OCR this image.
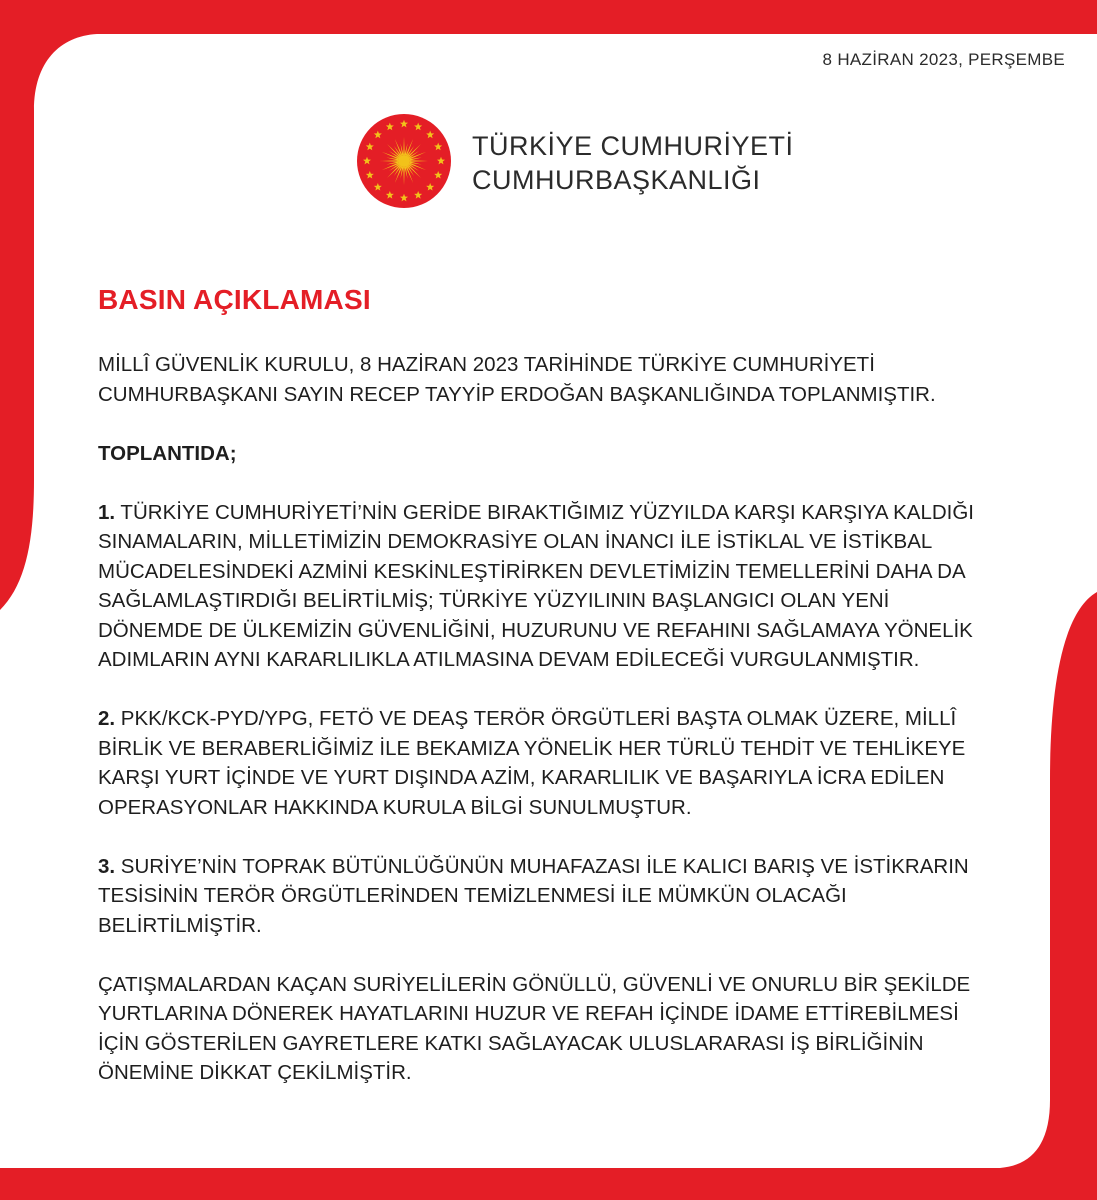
8 HAZİRAN 2023, PERŞEMBE
TÜRKİYE CUMHURİYETİ
CUMHURBAŞKANLIĞI
BASIN AÇIKLAMASI

MİLLÎ GÜVENLİK KURULU, 8 HAZİRAN 2023 TARİHİNDE TÜRKİYE CUMHURİYETİ CUMHURBAŞKANI SAYIN RECEP TAYYİP ERDOĞAN BAŞKANLIĞINDA TOPLANMIŞTIR.

TOPLANTIDA;

1. TÜRKİYE CUMHURİYETİ’NİN GERİDE BIRAKTIĞIMIZ YÜZYILDA KARŞI KARŞIYA KALDIĞI SINAMALARIN, MİLLETİMİZİN DEMOKRASİYE OLAN İNANCI İLE İSTİKLAL VE İSTİKBAL MÜCADELESİNDEKİ AZMİNİ KESKİNLEŞTİRİRKEN DEVLETİMİZİN TEMELLERİNİ DAHA DA SAĞLAMLAŞTIRDIĞI BELİRTİLMİŞ; TÜRKİYE YÜZYILININ BAŞLANGICI OLAN YENİ DÖNEMDE DE ÜLKEMİZİN GÜVENLİĞİNİ, HUZURUNU VE REFAHINI SAĞLAMAYA YÖNELİK ADIMLARIN AYNI KARARLILIKLA ATILMASINA DEVAM EDİLECEĞİ VURGULANMIŞTIR.

2. PKK/KCK-PYD/YPG, FETÖ VE DEAŞ TERÖR ÖRGÜTLERİ BAŞTA OLMAK ÜZERE, MİLLÎ BİRLİK VE BERABERLİĞİMİZ İLE BEKAMIZA YÖNELİK HER TÜRLÜ TEHDİT VE TEHLİKEYE KARŞI YURT İÇİNDE VE YURT DIŞINDA AZİM, KARARLILIK VE BAŞARIYLA İCRA EDİLEN OPERASYONLAR HAKKINDA KURULA BİLGİ SUNULMUŞTUR.

3. SURİYE’NİN TOPRAK BÜTÜNLÜĞÜNÜN MUHAFAZASI İLE KALICI BARIŞ VE İSTİKRARIN TESİSİNİN TERÖR ÖRGÜTLERİNDEN TEMİZLENMESİ İLE MÜMKÜN OLACAĞI BELİRTİLMİŞTİR.

ÇATIŞMALARDAN KAÇAN SURİYELİLERİN GÖNÜLLÜ, GÜVENLİ VE ONURLU BİR ŞEKİLDE YURTLARINA DÖNEREK HAYATLARINI HUZUR VE REFAH İÇİNDE İDAME ETTİREBİLMESİ İÇİN GÖSTERİLEN GAYRETLERE KATKI SAĞLAYACAK ULUSLARARASI İŞ BİRLİĞİNİN ÖNEMİNE DİKKAT ÇEKİLMİŞTİR.
